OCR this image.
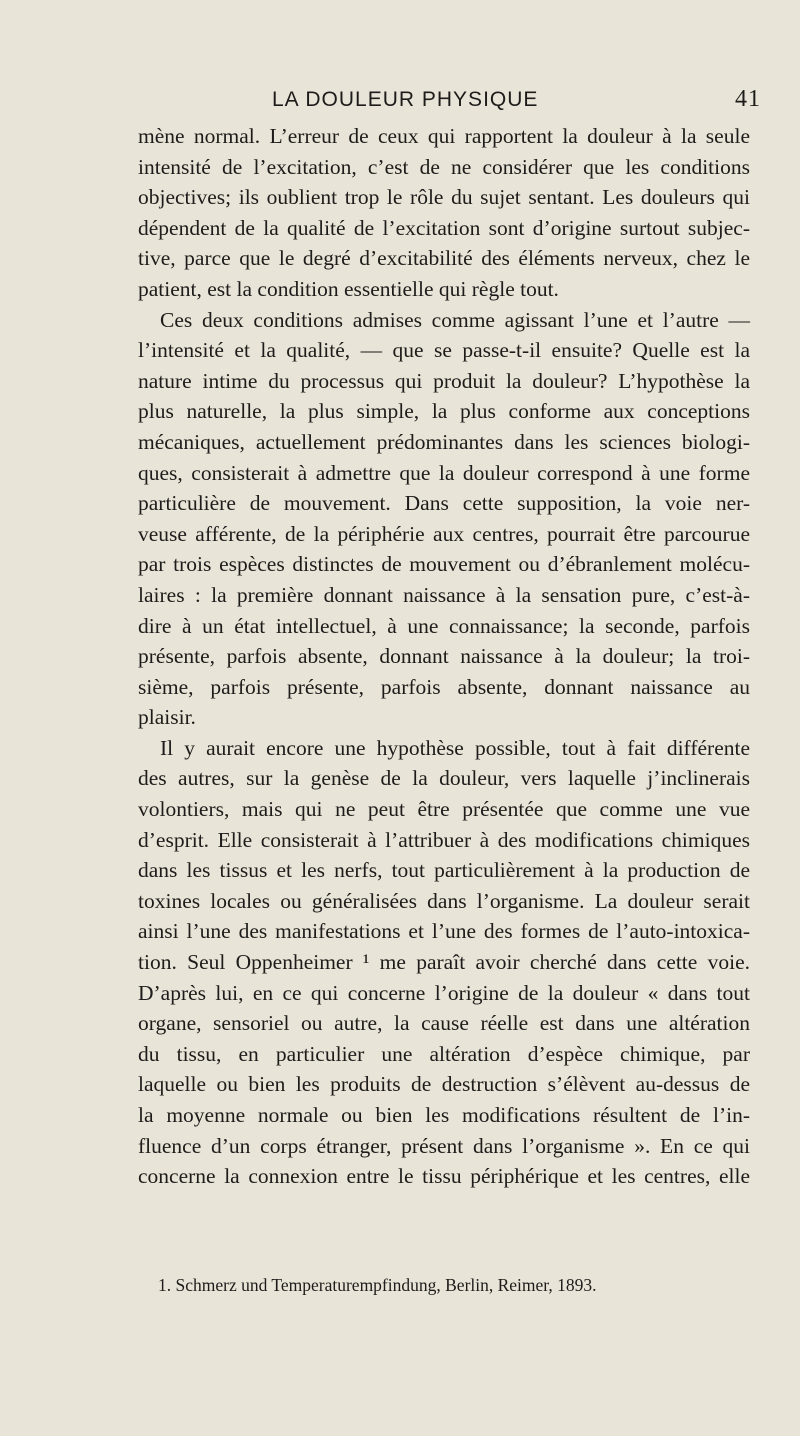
LA DOULEUR PHYSIQUE	41
mène normal. L’erreur de ceux qui rapportent la douleur à la seule
intensité de l’excitation, c’est de ne considérer que les conditions
objectives; ils oublient trop le rôle du sujet sentant. Les douleurs qui
dépendent de la qualité de l’excitation sont d’origine surtout subjec-
tive, parce que le degré d’excitabilité des éléments nerveux, chez le
patient, est la condition essentielle qui règle tout.
Ces deux conditions admises comme agissant l’une et l’autre —
l’intensité et la qualité, — que se passe-t-il ensuite? Quelle est la
nature intime du processus qui produit la douleur? L’hypothèse la
plus naturelle, la plus simple, la plus conforme aux conceptions
mécaniques, actuellement prédominantes dans les sciences biologi-
ques, consisterait à admettre que la douleur correspond à une forme
particulière de mouvement. Dans cette supposition, la voie ner-
veuse afférente, de la périphérie aux centres, pourrait être parcourue
par trois espèces distinctes de mouvement ou d’ébranlement molécu-
laires : la première donnant naissance à la sensation pure, c’est-à-
dire à un état intellectuel, à une connaissance; la seconde, parfois
présente, parfois absente, donnant naissance à la douleur; la troi-
sième, parfois présente, parfois absente, donnant naissance au
plaisir.
Il y aurait encore une hypothèse possible, tout à fait différente
des autres, sur la genèse de la douleur, vers laquelle j’inclinerais
volontiers, mais qui ne peut être présentée que comme une vue
d’esprit. Elle consisterait à l’attribuer à des modifications chimiques
dans les tissus et les nerfs, tout particulièrement à la production de
toxines locales ou généralisées dans l’organisme. La douleur serait
ainsi l’une des manifestations et l’une des formes de l’auto-intoxica-
tion. Seul Oppenheimer ¹ me paraît avoir cherché dans cette voie.
D’après lui, en ce qui concerne l’origine de la douleur « dans tout
organe, sensoriel ou autre, la cause réelle est dans une altération
du tissu, en particulier une altération d’espèce chimique, par
laquelle ou bien les produits de destruction s’élèvent au-dessus de
la moyenne normale ou bien les modifications résultent de l’in-
fluence d’un corps étranger, présent dans l’organisme ». En ce qui
concerne la connexion entre le tissu périphérique et les centres, elle
1. Schmerz und Temperaturempfindung, Berlin, Reimer, 1893.
